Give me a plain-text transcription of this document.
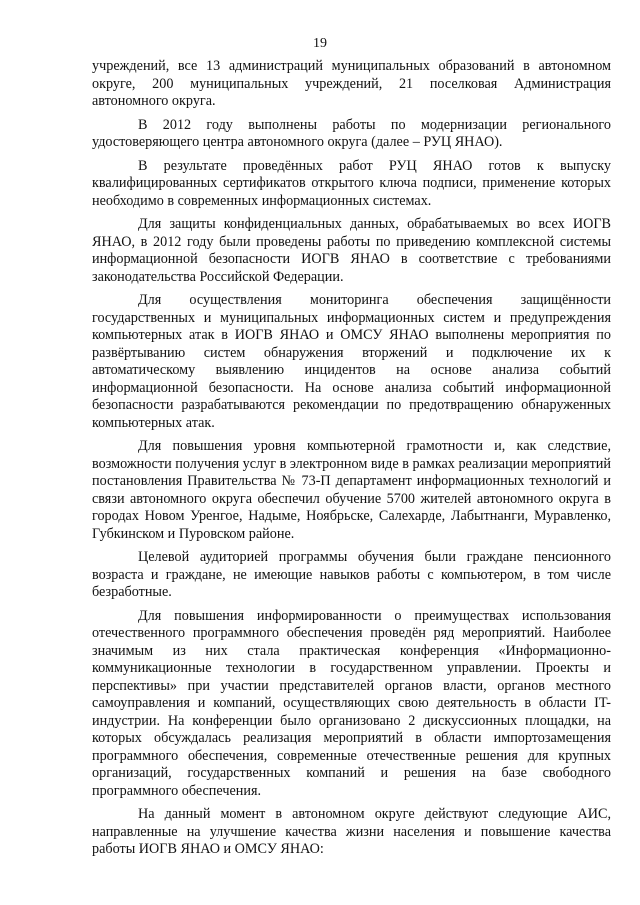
19

учреждений, все 13 администраций муниципальных образований в автономном округе, 200 муниципальных учреждений, 21 поселковая Администрация автономного округа.

В 2012 году выполнены работы по модернизации регионального удостоверяющего центра автономного округа (далее – РУЦ ЯНАО).

В результате проведённых работ РУЦ ЯНАО готов к выпуску квалифицированных сертификатов открытого ключа подписи, применение которых необходимо в современных информационных системах.

Для защиты конфиденциальных данных, обрабатываемых во всех ИОГВ ЯНАО, в 2012 году были проведены работы по приведению комплексной системы информационной безопасности ИОГВ ЯНАО в соответствие с требованиями законодательства Российской Федерации.

Для осуществления мониторинга обеспечения защищённости государственных и муниципальных информационных систем и предупреждения компьютерных атак в ИОГВ ЯНАО и ОМСУ ЯНАО выполнены мероприятия по развёртыванию систем обнаружения вторжений и подключение их к автоматическому выявлению инцидентов на основе анализа событий информационной безопасности. На основе анализа событий информационной безопасности разрабатываются рекомендации по предотвращению обнаруженных компьютерных атак.

Для повышения уровня компьютерной грамотности и, как следствие, возможности получения услуг в электронном виде в рамках реализации мероприятий постановления Правительства № 73-П департамент информационных технологий и связи автономного округа обеспечил обучение 5700 жителей автономного округа в городах Новом Уренгое, Надыме, Ноябрьске, Салехарде, Лабытнанги, Муравленко, Губкинском и Пуровском районе.

Целевой аудиторией программы обучения были граждане пенсионного возраста и граждане, не имеющие навыков работы с компьютером, в том числе безработные.

Для повышения информированности о преимуществах использования отечественного программного обеспечения проведён ряд мероприятий. Наиболее значимым из них стала практическая конференция «Информационно-коммуникационные технологии в государственном управлении. Проекты и перспективы» при участии представителей органов власти, органов местного самоуправления и компаний, осуществляющих свою деятельность в области IT-индустрии. На конференции было организовано 2 дискуссионных площадки, на которых обсуждалась реализация мероприятий в области импортозамещения программного обеспечения, современные отечественные решения для крупных организаций, государственных компаний и решения на базе свободного программного обеспечения.

На данный момент в автономном округе действуют следующие АИС, направленные на улучшение качества жизни населения и повышение качества работы ИОГВ ЯНАО и ОМСУ ЯНАО:
